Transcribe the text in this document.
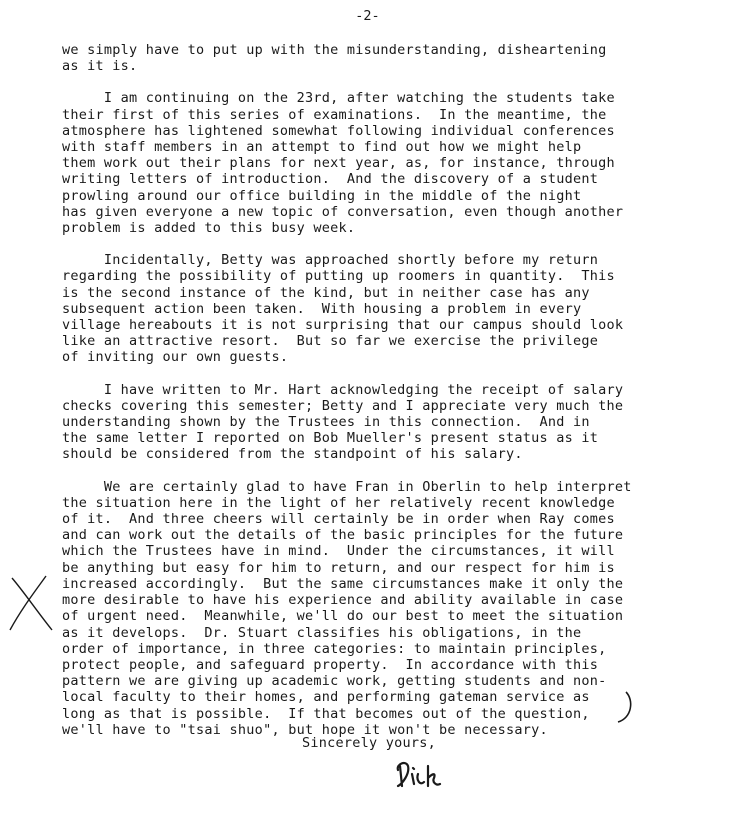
-2-

we simply have to put up with the misunderstanding, disheartening
as it is.

I am continuing on the 23rd, after watching the students take
their first of this series of examinations.  In the meantime, the
atmosphere has lightened somewhat following individual conferences
with staff members in an attempt to find out how we might help
them work out their plans for next year, as, for instance, through
writing letters of introduction.  And the discovery of a student
prowling around our office building in the middle of the night
has given everyone a new topic of conversation, even though another
problem is added to this busy week.

Incidentally, Betty was approached shortly before my return
regarding the possibility of putting up roomers in quantity.  This
is the second instance of the kind, but in neither case has any
subsequent action been taken.  With housing a problem in every
village hereabouts it is not surprising that our campus should look
like an attractive resort.  But so far we exercise the privilege
of inviting our own guests.

I have written to Mr. Hart acknowledging the receipt of salary
checks covering this semester; Betty and I appreciate very much the
understanding shown by the Trustees in this connection.  And in
the same letter I reported on Bob Mueller's present status as it
should be considered from the standpoint of his salary.

We are certainly glad to have Fran in Oberlin to help interpret
the situation here in the light of her relatively recent knowledge
of it.  And three cheers will certainly be in order when Ray comes
and can work out the details of the basic principles for the future
which the Trustees have in mind.  Under the circumstances, it will
be anything but easy for him to return, and our respect for him is
increased accordingly.  But the same circumstances make it only the
more desirable to have his experience and ability available in case
of urgent need.  Meanwhile, we'll do our best to meet the situation
as it develops.  Dr. Stuart classifies his obligations, in the
order of importance, in three categories: to maintain principles,
protect people, and safeguard property.  In accordance with this
pattern we are giving up academic work, getting students and non-
local faculty to their homes, and performing gateman service as
long as that is possible.  If that becomes out of the question,
we'll have to "tsai shuo", but hope it won't be necessary.

Sincerely yours,
